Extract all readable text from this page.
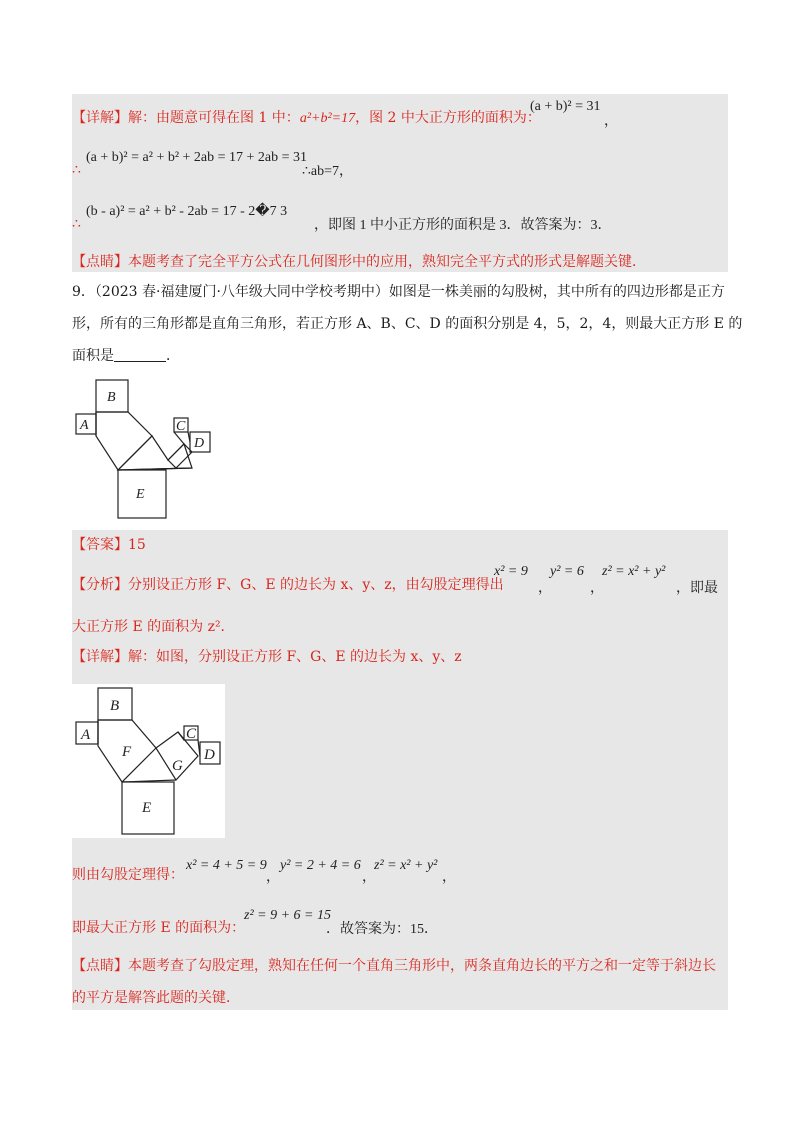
【详解】解：由题意可得在图 1 中：a²+b²=17，图 2 中大正方形的面积为：
(a + b)² = 31
，
∴
(a + b)² = a² + b² + 2ab = 17 + 2ab = 31
∴ab=7，
∴
(b - a)² = a² + b² - 2ab = 17 - 2�7 3
，即图 1 中小正方形的面积是 3．故答案为：3．
【点睛】本题考查了完全平方公式在几何图形中的应用，熟知完全平方式的形式是解题关键．
9．（2023 春·福建厦门·八年级大同中学校考期中）如图是一株美丽的勾股树，其中所有的四边形都是正方
形，所有的三角形都是直角三角形，若正方形 A、B、C、D 的面积分别是 4，5，2，4，则最大正方形 E 的
面积是	．
B
A	C
D
E
【答案】15
【分析】分别设正方形 F、G、E 的边长为 x、y、z，由勾股定理得出
x² = 9
，
y² = 6
，
z² = x² + y²
，即最
大正方形 E 的面积为 z²．
【详解】解：如图，分别设正方形 F、G、E 的边长为 x、y、z
B
A
F
C
D
G
E
则由勾股定理得：
x² = 4 + 5 = 9
，
y² = 2 + 4 = 6
，
z² = x² + y²
，
即最大正方形 E 的面积为：
z² = 9 + 6 = 15
．故答案为：15．
【点睛】本题考查了勾股定理，熟知在任何一个直角三角形中，两条直角边长的平方之和一定等于斜边长
的平方是解答此题的关键．
